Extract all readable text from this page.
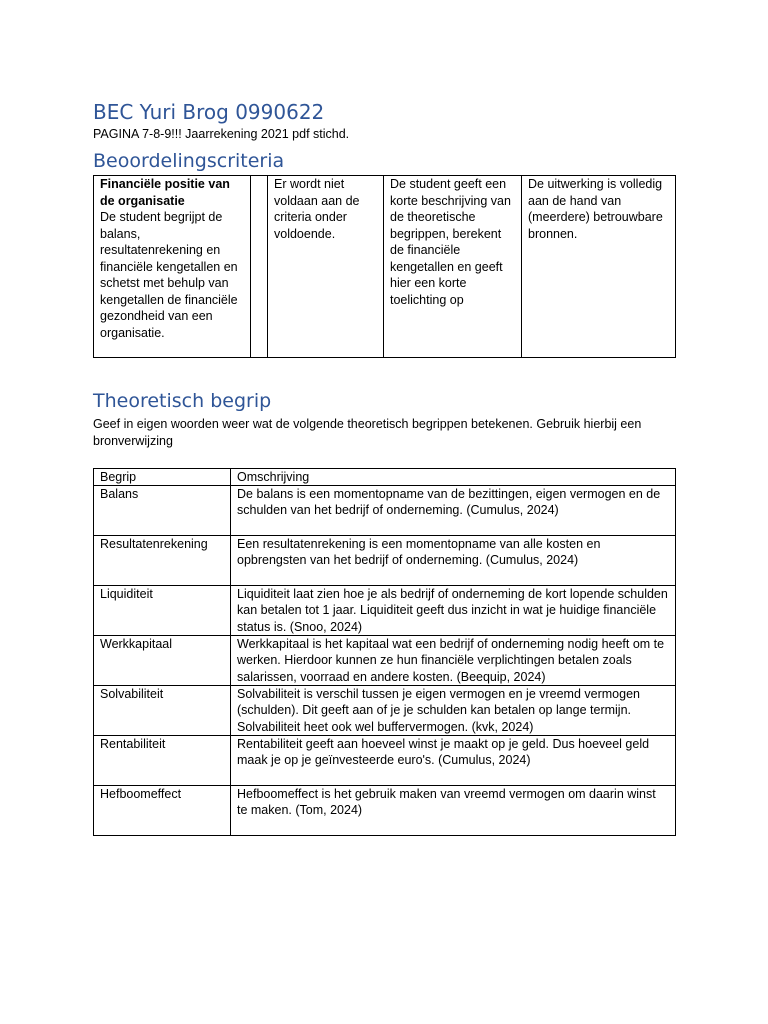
BEC Yuri Brog 0990622

PAGINA 7-8-9!!! Jaarrekening 2021 pdf stichd.

Beoordelingscriteria
Financiële positie van de organisatie
De student begrijpt de balans, resultatenrekening en financiële kengetallen en schetst met behulp van kengetallen de financiële gezondheid van een organisatie.		Er wordt niet voldaan aan de criteria onder voldoende.	De student geeft een korte beschrijving van de theoretische begrippen, berekent de financiële kengetallen en geeft hier een korte toelichting op	De uitwerking is volledig aan de hand van (meerdere) betrouwbare bronnen.
Theoretisch begrip

Geef in eigen woorden weer wat de volgende theoretisch begrippen betekenen. Gebruik hierbij een bronverwijzing

Begrip	Omschrijving
Balans	De balans is een momentopname van de bezittingen, eigen vermogen en de schulden van het bedrijf of onderneming. (Cumulus, 2024)
Resultatenrekening	Een resultatenrekening is een momentopname van alle kosten en opbrengsten van het bedrijf of onderneming. (Cumulus, 2024)
Liquiditeit	Liquiditeit laat zien hoe je als bedrijf of onderneming de kort lopende schulden kan betalen tot 1 jaar. Liquiditeit geeft dus inzicht in wat je huidige financiële status is. (Snoo, 2024)
Werkkapitaal	Werkkapitaal is het kapitaal wat een bedrijf of onderneming nodig heeft om te werken. Hierdoor kunnen ze hun financiële verplichtingen betalen zoals salarissen, voorraad en andere kosten. (Beequip, 2024)
Solvabiliteit	Solvabiliteit is verschil tussen je eigen vermogen en je vreemd vermogen (schulden). Dit geeft aan of je je schulden kan betalen op lange termijn. Solvabiliteit heet ook wel buffervermogen. (kvk, 2024)
Rentabiliteit	Rentabiliteit geeft aan hoeveel winst je maakt op je geld. Dus hoeveel geld maak je op je geïnvesteerde euro's. (Cumulus, 2024)
Hefboomeffect	Hefboomeffect is het gebruik maken van vreemd vermogen om daarin winst te maken. (Tom, 2024)
